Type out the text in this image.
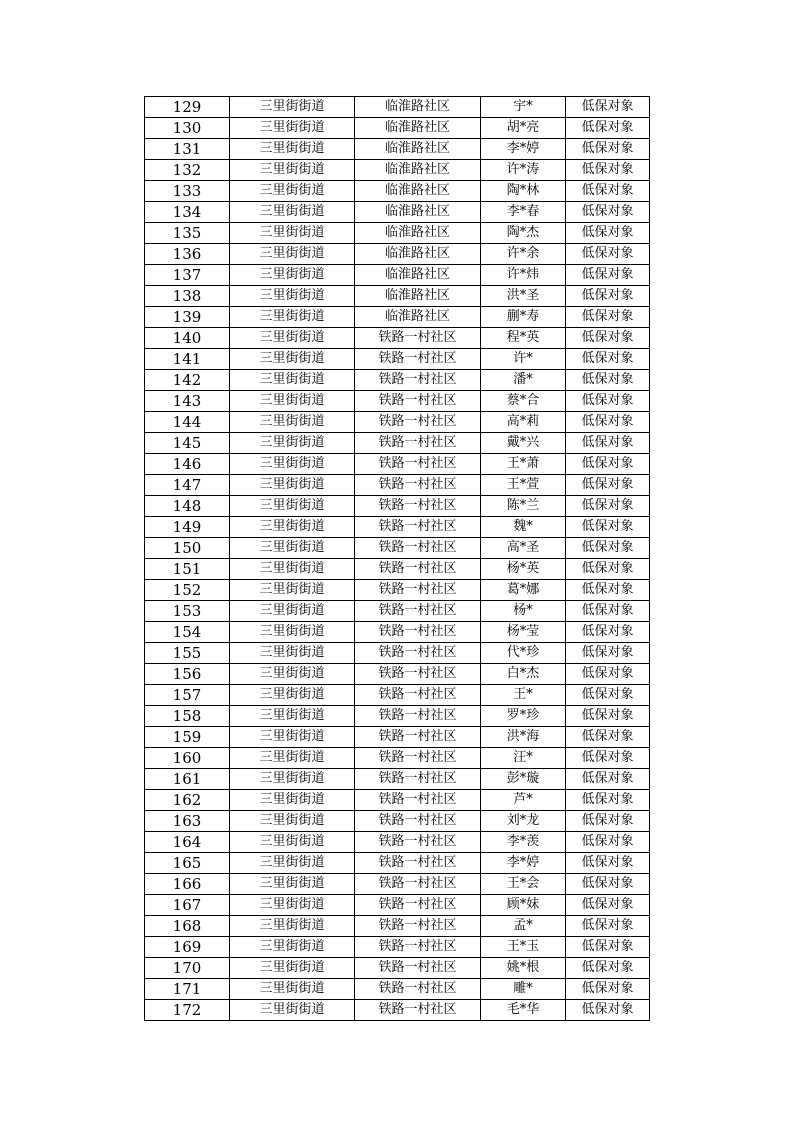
129	三里街街道	临淮路社区	宇*	低保对象
130	三里街街道	临淮路社区	胡*亮	低保对象
131	三里街街道	临淮路社区	李*婷	低保对象
132	三里街街道	临淮路社区	许*涛	低保对象
133	三里街街道	临淮路社区	陶*林	低保对象
134	三里街街道	临淮路社区	李*春	低保对象
135	三里街街道	临淮路社区	陶*杰	低保对象
136	三里街街道	临淮路社区	许*余	低保对象
137	三里街街道	临淮路社区	许*炜	低保对象
138	三里街街道	临淮路社区	洪*圣	低保对象
139	三里街街道	临淮路社区	蒯*寿	低保对象
140	三里街街道	铁路一村社区	程*英	低保对象
141	三里街街道	铁路一村社区	许*	低保对象
142	三里街街道	铁路一村社区	潘*	低保对象
143	三里街街道	铁路一村社区	蔡*合	低保对象
144	三里街街道	铁路一村社区	高*莉	低保对象
145	三里街街道	铁路一村社区	戴*兴	低保对象
146	三里街街道	铁路一村社区	王*萧	低保对象
147	三里街街道	铁路一村社区	王*萱	低保对象
148	三里街街道	铁路一村社区	陈*兰	低保对象
149	三里街街道	铁路一村社区	魏*	低保对象
150	三里街街道	铁路一村社区	高*圣	低保对象
151	三里街街道	铁路一村社区	杨*英	低保对象
152	三里街街道	铁路一村社区	葛*娜	低保对象
153	三里街街道	铁路一村社区	杨*	低保对象
154	三里街街道	铁路一村社区	杨*莹	低保对象
155	三里街街道	铁路一村社区	代*珍	低保对象
156	三里街街道	铁路一村社区	白*杰	低保对象
157	三里街街道	铁路一村社区	王*	低保对象
158	三里街街道	铁路一村社区	罗*珍	低保对象
159	三里街街道	铁路一村社区	洪*海	低保对象
160	三里街街道	铁路一村社区	汪*	低保对象
161	三里街街道	铁路一村社区	彭*璇	低保对象
162	三里街街道	铁路一村社区	芦*	低保对象
163	三里街街道	铁路一村社区	刘*龙	低保对象
164	三里街街道	铁路一村社区	李*羡	低保对象
165	三里街街道	铁路一村社区	李*婷	低保对象
166	三里街街道	铁路一村社区	王*会	低保对象
167	三里街街道	铁路一村社区	顾*妹	低保对象
168	三里街街道	铁路一村社区	孟*	低保对象
169	三里街街道	铁路一村社区	王*玉	低保对象
170	三里街街道	铁路一村社区	姚*根	低保对象
171	三里街街道	铁路一村社区	雕*	低保对象
172	三里街街道	铁路一村社区	毛*华	低保对象
